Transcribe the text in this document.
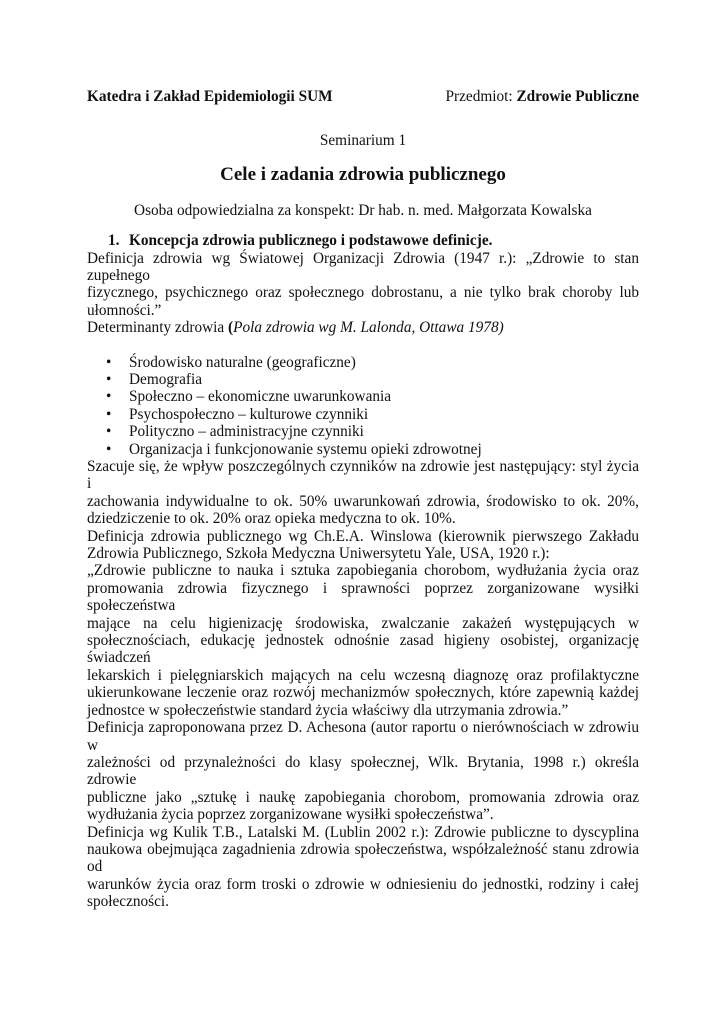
Katedra i Zakład Epidemiologii SUM	Przedmiot: Zdrowie Publiczne
Seminarium 1
Cele i zadania zdrowia publicznego
Osoba odpowiedzialna za konspekt: Dr hab. n. med. Małgorzata Kowalska
1. Koncepcja zdrowia publicznego i podstawowe definicje.

Definicja zdrowia wg Światowej Organizacji Zdrowia (1947 r.): „Zdrowie to stan zupełnego
fizycznego, psychicznego oraz społecznego dobrostanu, a nie tylko brak choroby lub
ułomności.”

Determinanty zdrowia (Pola zdrowia wg M. Lalonda, Ottawa 1978)

• Środowisko naturalne (geograficzne)
• Demografia
• Społeczno – ekonomiczne uwarunkowania
• Psychospołeczno – kulturowe czynniki
• Polityczno – administracyjne czynniki
• Organizacja i funkcjonowanie systemu opieki zdrowotnej

Szacuje się, że wpływ poszczególnych czynników na zdrowie jest następujący: styl życia i
zachowania indywidualne to ok. 50% uwarunkowań zdrowia, środowisko to ok. 20%,
dziedziczenie to ok. 20% oraz opieka medyczna to ok. 10%.

Definicja zdrowia publicznego wg Ch.E.A. Winslowa (kierownik pierwszego Zakładu
Zdrowia Publicznego, Szkoła Medyczna Uniwersytetu Yale, USA, 1920 r.):
„Zdrowie publiczne to nauka i sztuka zapobiegania chorobom, wydłużania życia oraz
promowania zdrowia fizycznego i sprawności poprzez zorganizowane wysiłki społeczeństwa
mające na celu higienizację środowiska, zwalczanie zakażeń występujących w
społecznościach, edukację jednostek odnośnie zasad higieny osobistej, organizację świadczeń
lekarskich i pielęgniarskich mających na celu wczesną diagnozę oraz profilaktyczne
ukierunkowane leczenie oraz rozwój mechanizmów społecznych, które zapewnią każdej
jednostce w społeczeństwie standard życia właściwy dla utrzymania zdrowia.”

Definicja zaproponowana przez D. Achesona (autor raportu o nierównościach w zdrowiu w
zależności od przynależności do klasy społecznej, Wlk. Brytania, 1998 r.) określa zdrowie
publiczne jako „sztukę i naukę zapobiegania chorobom, promowania zdrowia oraz
wydłużania życia poprzez zorganizowane wysiłki społeczeństwa”.

Definicja wg Kulik T.B., Latalski M. (Lublin 2002 r.): Zdrowie publiczne to dyscyplina
naukowa obejmująca zagadnienia zdrowia społeczeństwa, współzależność stanu zdrowia od
warunków życia oraz form troski o zdrowie w odniesieniu do jednostki, rodziny i całej
społeczności.
